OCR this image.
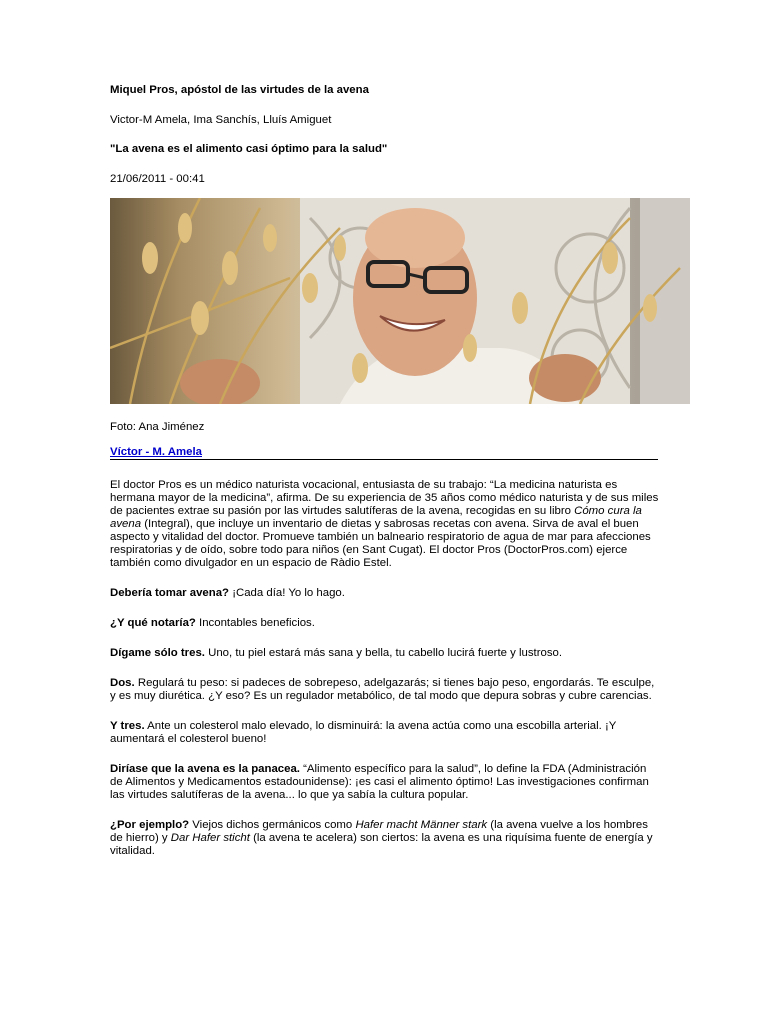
Miquel Pros, apóstol de las virtudes de la avena
Victor-M Amela, Ima Sanchís, Lluís Amiguet
"La avena es el alimento casi óptimo para la salud"
21/06/2011 - 00:41
Foto: Ana Jiménez
Víctor - M. Amela

El doctor Pros es un médico naturista vocacional, entusiasta de su trabajo: “La medicina naturista es hermana mayor de la medicina”, afirma. De su experiencia de 35 años como médico naturista y de sus miles de pacientes extrae su pasión por las virtudes salutíferas de la avena, recogidas en su libro Cómo cura la avena (Integral), que incluye un inventario de dietas y sabrosas recetas con avena. Sirva de aval el buen aspecto y vitalidad del doctor. Promueve también un balneario respiratorio de agua de mar para afecciones respiratorias y de oído, sobre todo para niños (en Sant Cugat). El doctor Pros (DoctorPros.com) ejerce también como divulgador en un espacio de Ràdio Estel.

Debería tomar avena? ¡Cada día! Yo lo hago.

¿Y qué notaría? Incontables beneficios.

Dígame sólo tres. Uno, tu piel estará más sana y bella, tu cabello lucirá fuerte y lustroso.

Dos. Regulará tu peso: si padeces de sobrepeso, adelgazarás; si tienes bajo peso, engordarás. Te esculpe, y es muy diurética. ¿Y eso? Es un regulador metabólico, de tal modo que depura sobras y cubre carencias.

Y tres. Ante un colesterol malo elevado, lo disminuirá: la avena actúa como una escobilla arterial. ¡Y aumentará el colesterol bueno!

Diríase que la avena es la panacea. “Alimento específico para la salud”, lo define la FDA (Administración de Alimentos y Medicamentos estadounidense): ¡es casi el alimento óptimo! Las investigaciones confirman las virtudes salutíferas de la avena... lo que ya sabía la cultura popular.

¿Por ejemplo? Viejos dichos germánicos como Hafer macht Männer stark (la avena vuelve a los hombres de hierro) y Dar Hafer sticht (la avena te acelera) son ciertos: la avena es una riquísima fuente de energía y vitalidad.
